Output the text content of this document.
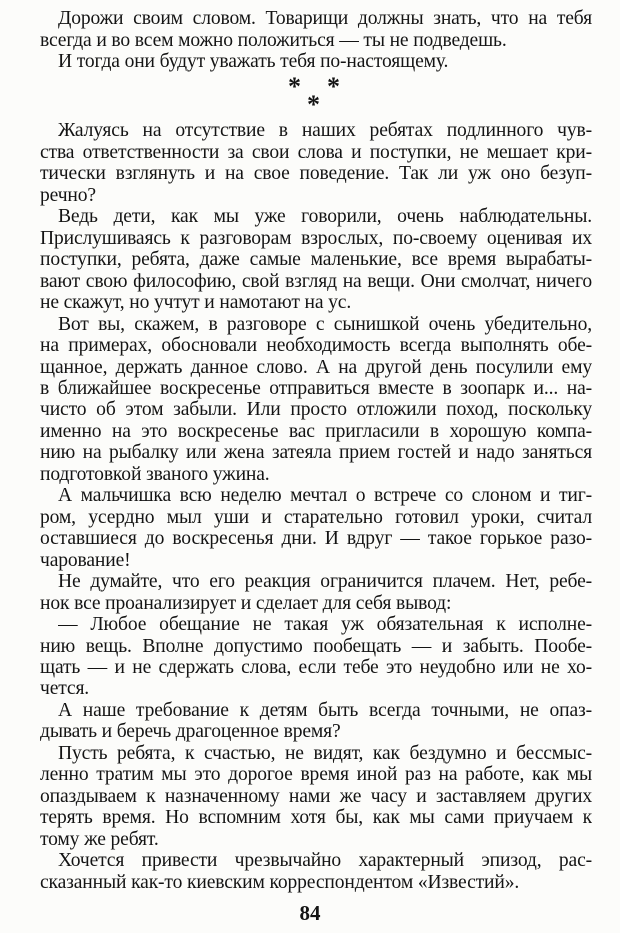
Дорожи своим словом. Товарищи должны знать, что на тебя
всегда и во всем можно положиться — ты не подведешь.
И тогда они будут уважать тебя по-настоящему.
* *
*
Жалуясь на отсутствие в наших ребятах подлинного чув-
ства ответственности за свои слова и поступки, не мешает кри-
тически взглянуть и на свое поведение. Так ли уж оно безуп-
речно?
Ведь дети, как мы уже говорили, очень наблюдательны.
Прислушиваясь к разговорам взрослых, по-своему оценивая их
поступки, ребята, даже самые маленькие, все время вырабаты-
вают свою философию, свой взгляд на вещи. Они смолчат, ничего
не скажут, но учтут и намотают на ус.
Вот вы, скажем, в разговоре с сынишкой очень убедительно,
на примерах, обосновали необходимость всегда выполнять обе-
щанное, держать данное слово. А на другой день посулили ему
в ближайшее воскресенье отправиться вместе в зоопарк и... на-
чисто об этом забыли. Или просто отложили поход, поскольку
именно на это воскресенье вас пригласили в хорошую компа-
нию на рыбалку или жена затеяла прием гостей и надо заняться
подготовкой званого ужина.
А мальчишка всю неделю мечтал о встрече со слоном и тиг-
ром, усердно мыл уши и старательно готовил уроки, считал
оставшиеся до воскресенья дни. И вдруг — такое горькое разо-
чарование!
Не думайте, что его реакция ограничится плачем. Нет, ребе-
нок все проанализирует и сделает для себя вывод:
— Любое обещание не такая уж обязательная к исполне-
нию вещь. Вполне допустимо пообещать — и забыть. Пообе-
щать — и не сдержать слова, если тебе это неудобно или не хо-
чется.
А наше требование к детям быть всегда точными, не опаз-
дывать и беречь драгоценное время?
Пусть ребята, к счастью, не видят, как бездумно и бессмыс-
ленно тратим мы это дорогое время иной раз на работе, как мы
опаздываем к назначенному нами же часу и заставляем других
терять время. Но вспомним хотя бы, как мы сами приучаем к
тому же ребят.
Хочется привести чрезвычайно характерный эпизод, рас-
сказанный как-то киевским корреспондентом «Известий».
84
